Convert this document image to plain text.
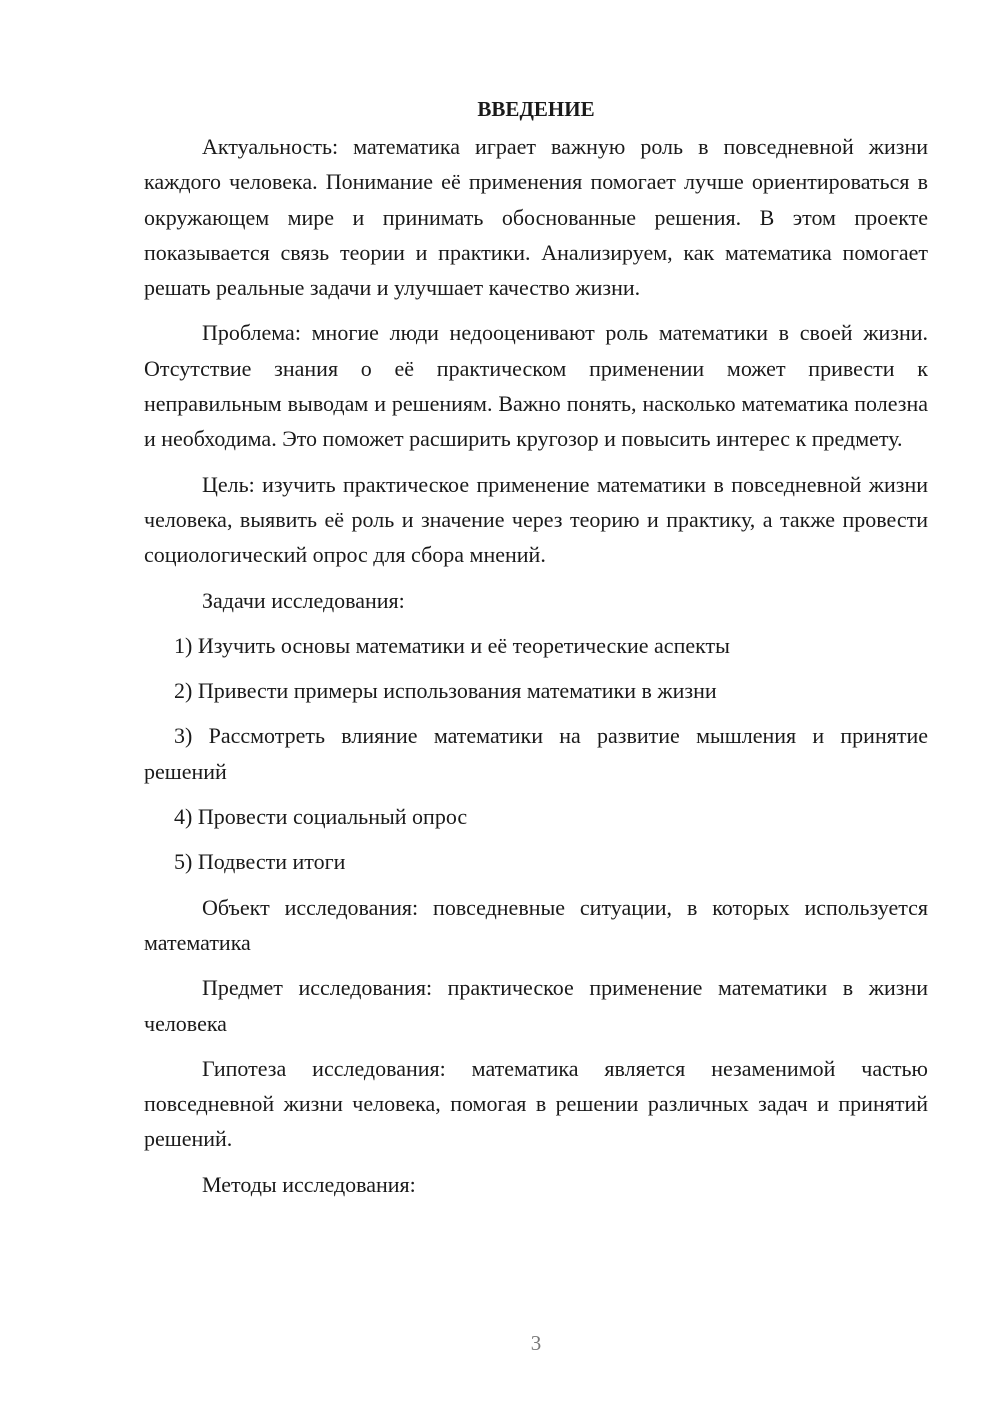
ВВЕДЕНИЕ

Актуальность: математика играет важную роль в повседневной жизни каждого человека. Понимание её применения помогает лучше ориентироваться в окружающем мире и принимать обоснованные решения. В этом проекте показывается связь теории и практики. Анализируем, как математика помогает решать реальные задачи и улучшает качество жизни.

Проблема: многие люди недооценивают роль математики в своей жизни. Отсутствие знания о её практическом применении может привести к неправильным выводам и решениям. Важно понять, насколько математика полезна и необходима. Это поможет расширить кругозор и повысить интерес к предмету.

Цель: изучить практическое применение математики в повседневной жизни человека, выявить её роль и значение через теорию и практику, а также провести социологический опрос для сбора мнений.

Задачи исследования:

1) Изучить основы математики и её теоретические аспекты

2) Привести примеры использования математики в жизни

3) Рассмотреть влияние математики на развитие мышления и принятие решений

4) Провести социальный опрос

5) Подвести итоги

Объект исследования: повседневные ситуации, в которых используется математика

Предмет исследования: практическое применение математики в жизни человека

Гипотеза исследования: математика является незаменимой частью повседневной жизни человека, помогая в решении различных задач и принятий решений.

Методы исследования:

3
